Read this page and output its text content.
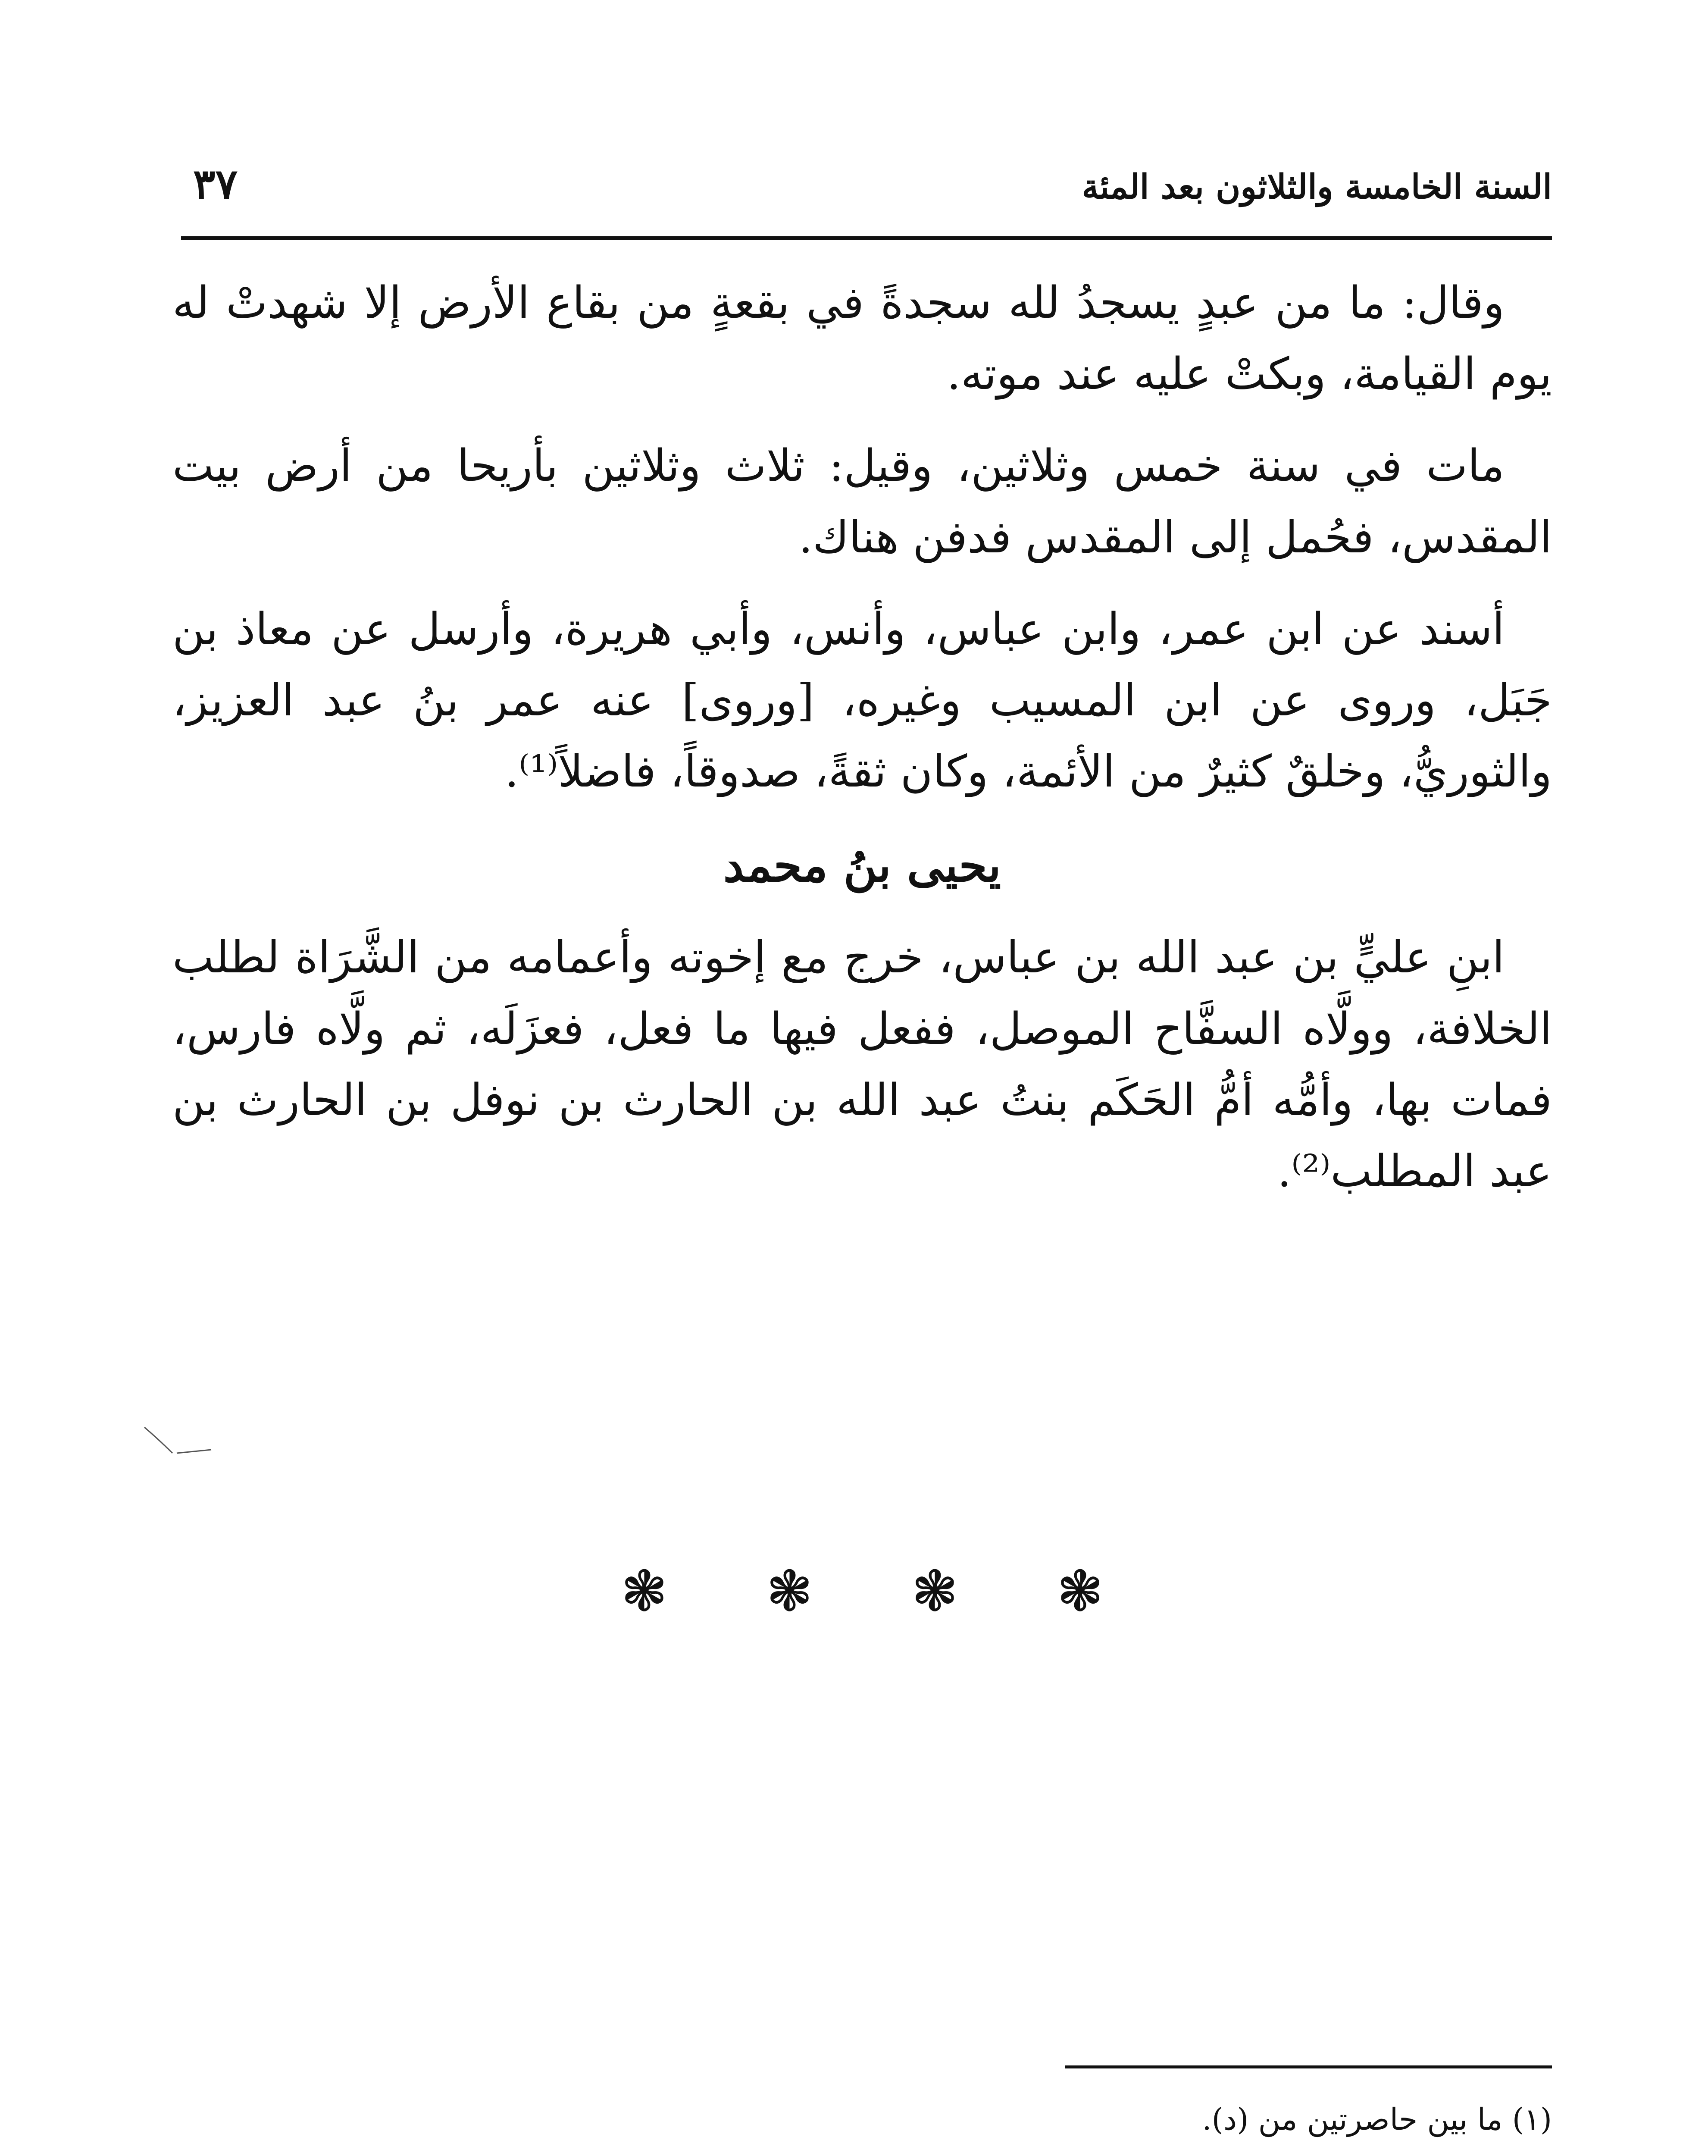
السنة الخامسة والثلاثون بعد المئة
٣٧

وقال: ما من عبدٍ يسجدُ لله سجدةً في بقعةٍ من بقاع الأرض إلا شهدتْ له يوم القيامة، وبكتْ عليه عند موته.

مات في سنة خمس وثلاثين، وقيل: ثلاث وثلاثين بأريحا من أرض بيت المقدس، فحُمل إلى المقدس فدفن هناك.

أسند عن ابن عمر، وابن عباس، وأنس، وأبي هريرة، وأرسل عن معاذ بن جَبَل، وروى عن ابن المسيب وغيره، [وروى] عنه عمر بنُ عبد العزيز، والثوريُّ، وخلقٌ كثيرٌ من الأئمة، وكان ثقةً، صدوقاً، فاضلاً⁽¹⁾.

يحيى بنُ محمد

ابنِ عليٍّ بن عبد الله بن عباس، خرج مع إخوته وأعمامه من الشَّرَاة لطلب الخلافة، وولَّاه السفَّاح الموصل، ففعل فيها ما فعل، فعزَلَه، ثم ولَّاه فارس، فمات بها، وأمُّه أمُّ الحَكَم بنتُ عبد الله بن الحارث بن نوفل بن الحارث بن عبد المطلب⁽²⁾.

❃ ❃ ❃ ❃

(١) ما بين حاصرتين من (د).
